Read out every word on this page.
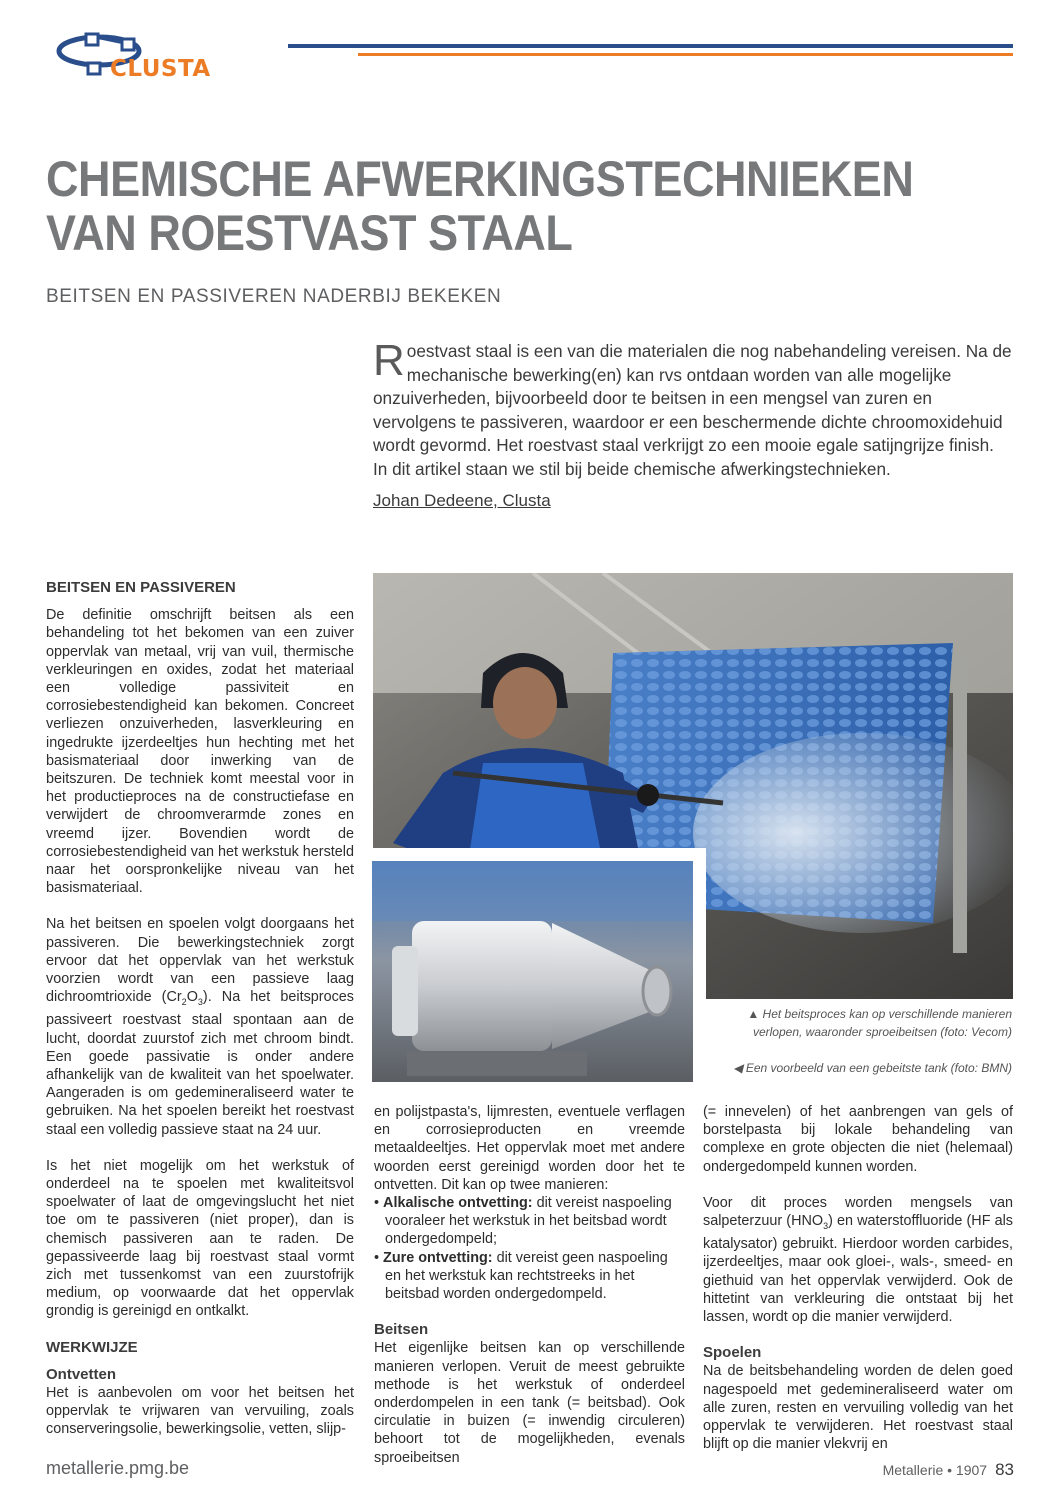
CLUSTA
CHEMISCHE AFWERKINGSTECHNIEKEN
VAN ROESTVAST STAAL
BEITSEN EN PASSIVEREN NADERBIJ BEKEKEN
Roestvast staal is een van die materialen die nog nabehandeling vereisen. Na de mechanische bewerking(en) kan rvs ontdaan worden van alle mogelijke onzuiverheden, bijvoorbeeld door te beitsen in een mengsel van zuren en vervolgens te passiveren, waardoor er een beschermende dichte chroomoxidehuid wordt gevormd. Het roestvast staal verkrijgt zo een mooie egale satijngrijze finish. In dit artikel staan we stil bij beide chemische afwerkingstechnieken.
Johan Dedeene, Clusta
BEITSEN EN PASSIVEREN

De definitie omschrijft beitsen als een behandeling tot het bekomen van een zuiver oppervlak van metaal, vrij van vuil, thermische verkleuringen en oxides, zodat het materiaal een volledige passiviteit en corrosiebestendigheid kan bekomen. Concreet verliezen onzuiverheden, lasverkleuring en ingedrukte ijzerdeeltjes hun hechting met het basismateriaal door inwerking van de beitszuren. De techniek komt meestal voor in het productieproces na de constructiefase en verwijdert de chroomverarmde zones en vreemd ijzer. Bovendien wordt de corrosiebestendigheid van het werkstuk hersteld naar het oorspronkelijke niveau van het basismateriaal.

Na het beitsen en spoelen volgt doorgaans het passiveren. Die bewerkingstechniek zorgt ervoor dat het oppervlak van het werkstuk voorzien wordt van een passieve laag dichroomtrioxide $(Cr_2O_3)$. Na het beitsproces passiveert roestvast staal spontaan aan de lucht, doordat zuurstof zich met chroom bindt. Een goede passivatie is onder andere afhankelijk van de kwaliteit van het spoelwater. Aangeraden is om gedemineraliseerd water te gebruiken. Na het spoelen bereikt het roestvast staal een volledig passieve staat na 24 uur.

Is het niet mogelijk om het werkstuk of onderdeel na te spoelen met kwaliteitsvol spoelwater of laat de omgevingslucht het niet toe om te passiveren (niet proper), dan is chemisch passiveren aan te raden. De gepassiveerde laag bij roestvast staal vormt zich met tussenkomst van een zuurstofrijk medium, op voorwaarde dat het oppervlak grondig is gereinigd en ontkalkt.

WERKWIJZE
Ontvetten

Het is aanbevolen om voor het beitsen het oppervlak te vrijwaren van vervuiling, zoals conserveringsolie, bewerkingsolie, vetten, slijp-

▲ Het beitsproces kan op verschillende manieren verlopen, waaronder sproeibeitsen (foto: Vecom)
◀ Een voorbeeld van een gebeitste tank (foto: BMN)

en polijstpasta's, lijmresten, eventuele verflagen en corrosieproducten en vreemde metaaldeeltjes. Het oppervlak moet met andere woorden eerst gereinigd worden door het te ontvetten. Dit kan op twee manieren:

• Alkalische ontvetting: dit vereist naspoeling vooraleer het werkstuk in het beitsbad wordt ondergedompeld;

• Zure ontvetting: dit vereist geen naspoeling en het werkstuk kan rechtstreeks in het beitsbad worden ondergedompeld.

Beitsen

Het eigenlijke beitsen kan op verschillende manieren verlopen. Veruit de meest gebruikte methode is het werkstuk of onderdeel onderdompelen in een tank (= beitsbad). Ook circulatie in buizen (= inwendig circuleren) behoort tot de mogelijkheden, evenals sproeibeitsen

(= innevelen) of het aanbrengen van gels of borstelpasta bij lokale behandeling van complexe en grote objecten die niet (helemaal) ondergedompeld kunnen worden.

Voor dit proces worden mengsels van salpeterzuur $(HNO_3)$ en waterstoffluoride (HF als katalysator) gebruikt. Hierdoor worden carbides, ijzerdeeltjes, maar ook gloei-, wals-, smeed- en giethuid van het oppervlak verwijderd. Ook de hittetint van verkleuring die ontstaat bij het lassen, wordt op die manier verwijderd.

Spoelen

Na de beitsbehandeling worden de delen goed nagespoeld met gedemineraliseerd water om alle zuren, resten en vervuiling volledig van het oppervlak te verwijderen. Het roestvast staal blijft op die manier vlekvrij en

metallerie.pmg.be	Metallerie • 1907 83
